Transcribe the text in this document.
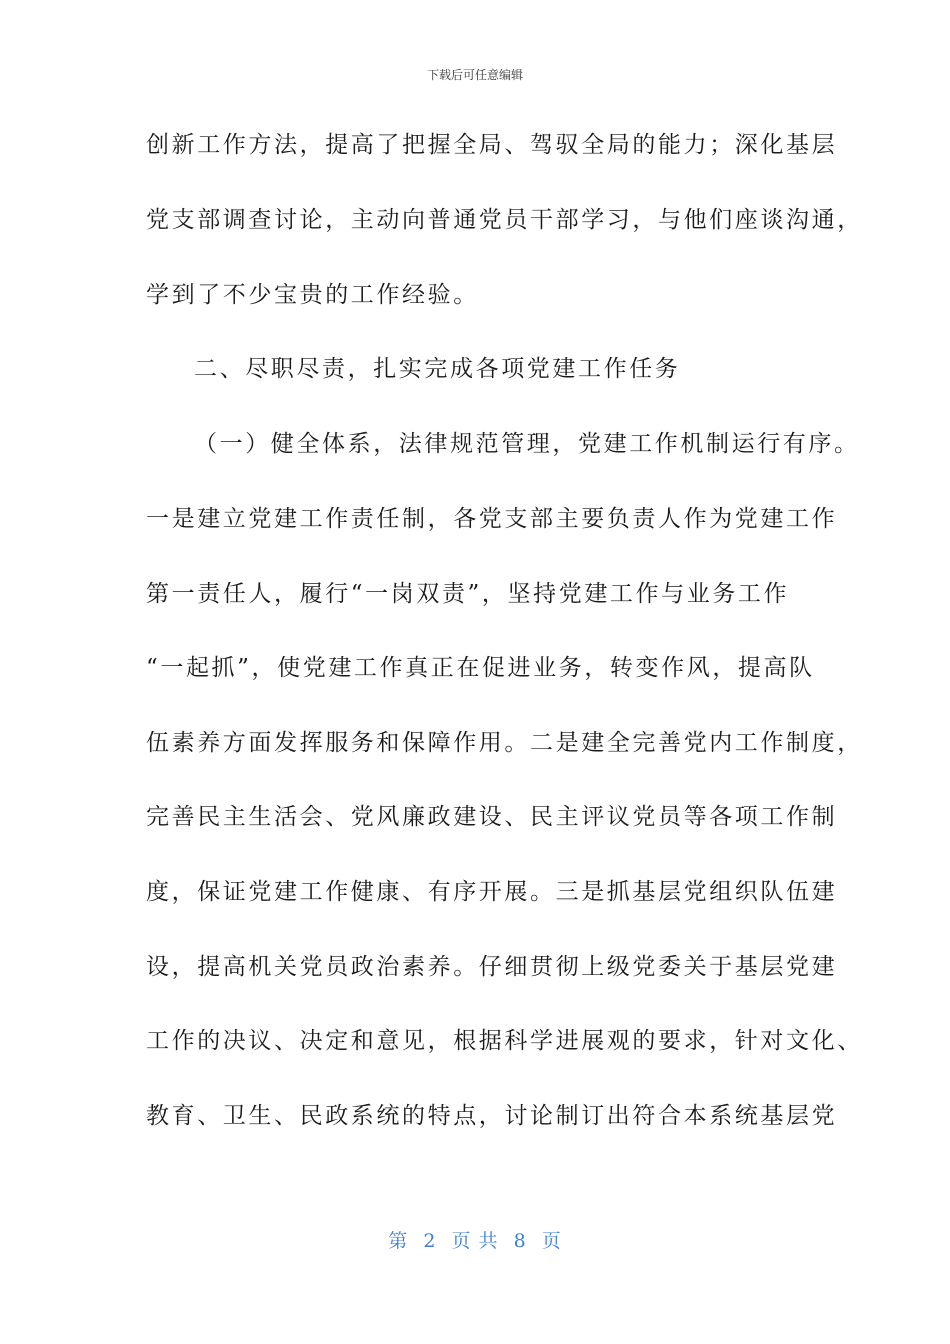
下载后可任意编辑
创新工作方法，提高了把握全局、驾驭全局的能力；深化基层
党支部调查讨论，主动向普通党员干部学习，与他们座谈沟通，
学到了不少宝贵的工作经验。
二、尽职尽责，扎实完成各项党建工作任务
（一）健全体系，法律规范管理，党建工作机制运行有序。
一是建立党建工作责任制，各党支部主要负责人作为党建工作
第一责任人，履行“一岗双责”，坚持党建工作与业务工作
“一起抓”，使党建工作真正在促进业务，转变作风，提高队
伍素养方面发挥服务和保障作用。二是建全完善党内工作制度，
完善民主生活会、党风廉政建设、民主评议党员等各项工作制
度，保证党建工作健康、有序开展。三是抓基层党组织队伍建
设，提高机关党员政治素养。仔细贯彻上级党委关于基层党建
工作的决议、决定和意见，根据科学进展观的要求，针对文化、
教育、卫生、民政系统的特点，讨论制订出符合本系统基层党
第 2 页 共 8 页
